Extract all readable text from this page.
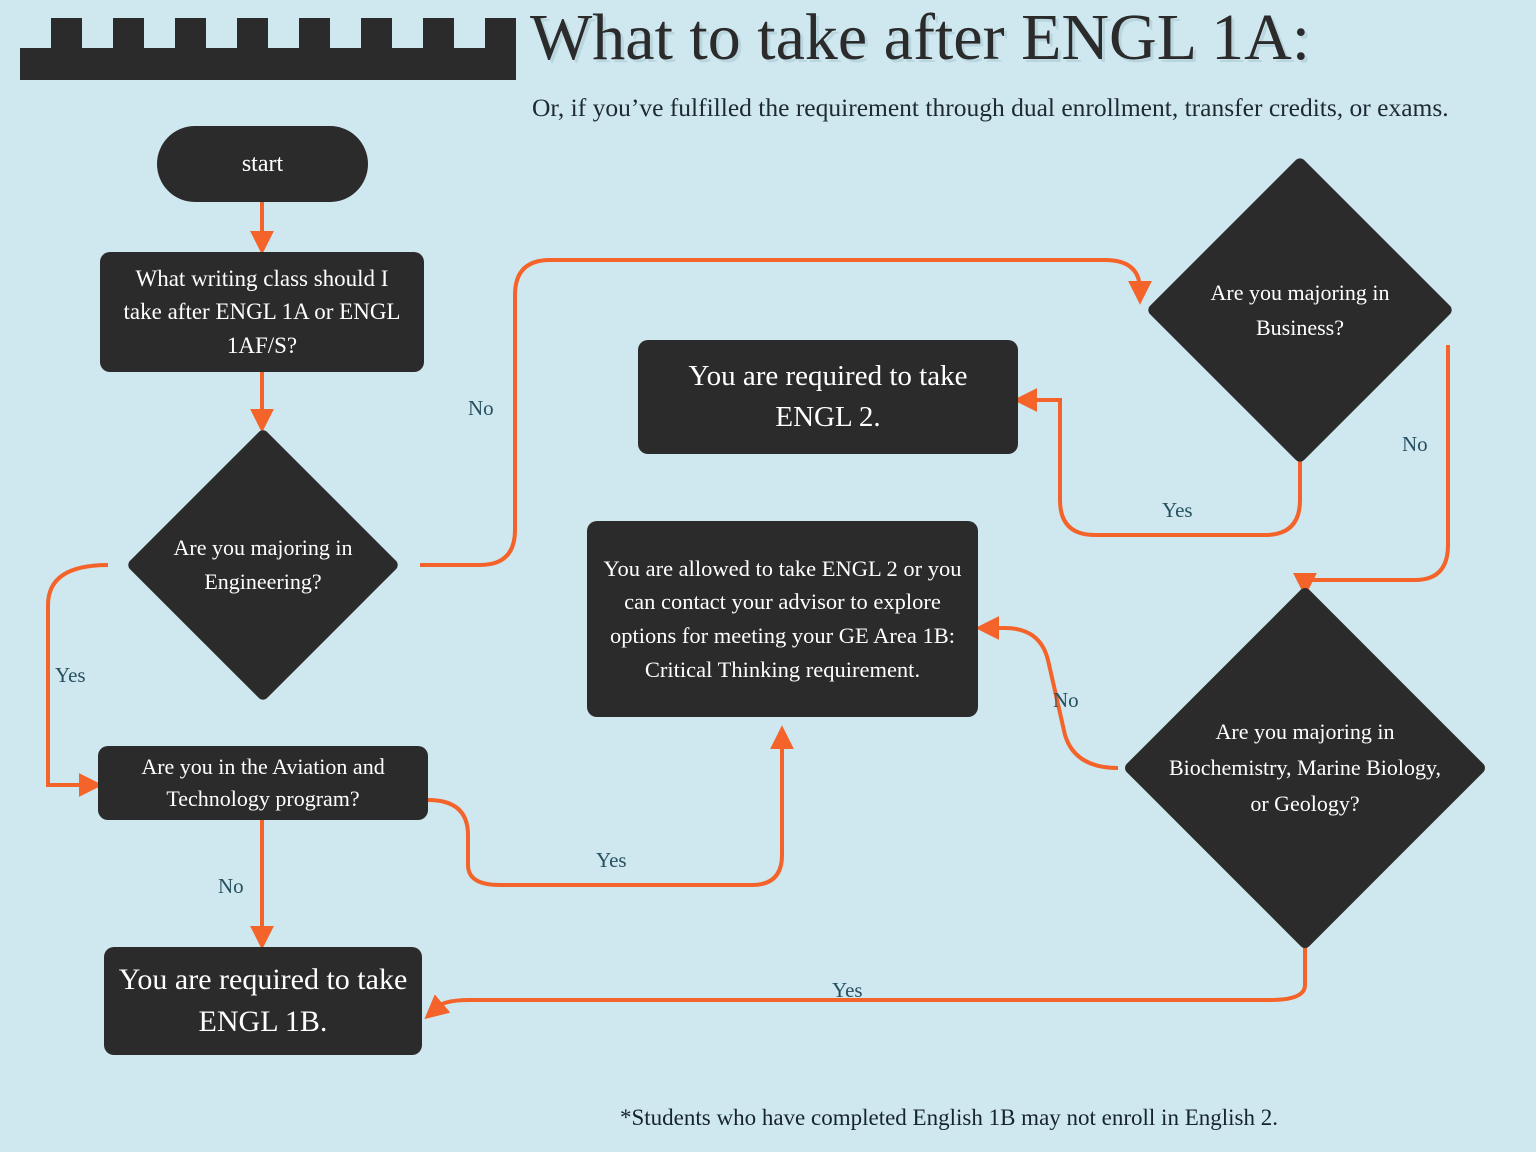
What to take after ENGL 1A:
Or, if you’ve fulfilled the requirement through dual enrollment, transfer credits, or exams.
*Students who have completed English 1B may not enroll in English 2.
start
What writing class should I take after ENGL 1A or ENGL 1AF/S?
Are you majoring in Engineering?
Are you in the Aviation and Technology program?
You are required to take ENGL 1B.
You are required to take ENGL 2.
You are allowed to take ENGL 2 or you can contact your advisor to explore options for meeting your GE Area 1B: Critical Thinking requirement.
Are you majoring in Business?
Are you majoring in Biochemistry, Marine Biology, or Geology?
No
Yes
Yes
No
No
Yes
Yes
No
